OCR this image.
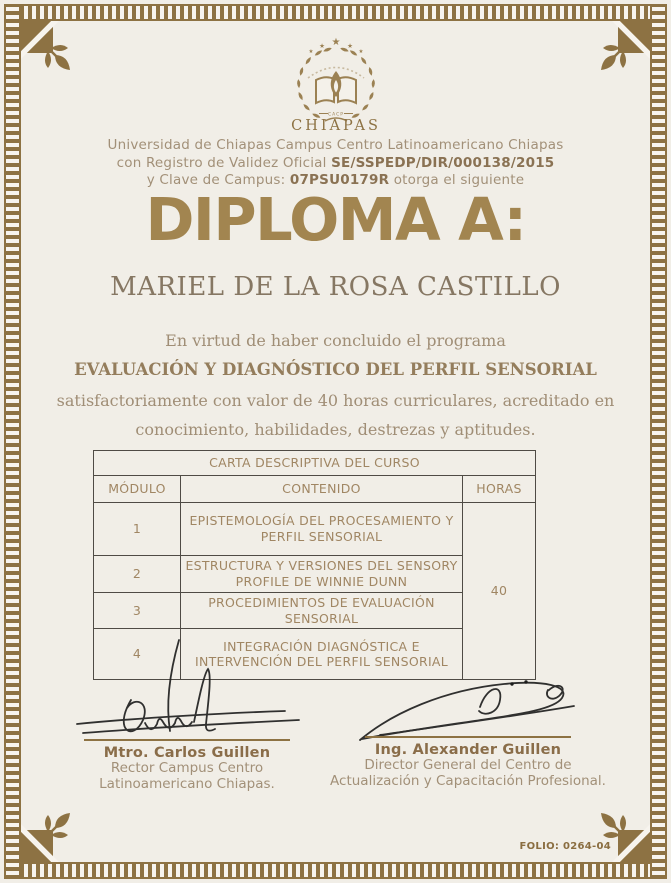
★
★	★
★	★
CACP
CHIAPAS
Universidad de Chiapas Campus Centro Latinoamericano Chiapas
con Registro de Validez Oficial SE/SSPEDP/DIR/000138/2015
y Clave de Campus: 07PSU0179R otorga el siguiente
DIPLOMA A:
MARIEL DE LA ROSA CASTILLO
En virtud de haber concluido el programa
EVALUACIÓN Y DIAGNÓSTICO DEL PERFIL SENSORIAL
satisfactoriamente con valor de 40 horas curriculares, acreditado en
conocimiento, habilidades, destrezas y aptitudes.
CARTA DESCRIPTIVA DEL CURSO		
MÓDULO	CONTENIDO	HORAS
1	EPISTEMOLOGÍA DEL PROCESAMIENTO Y PERFIL SENSORIAL	40
2	ESTRUCTURA Y VERSIONES DEL SENSORY PROFILE DE WINNIE DUNN	
3	PROCEDIMIENTOS DE EVALUACIÓN SENSORIAL	
4	INTEGRACIÓN DIAGNÓSTICA E INTERVENCIÓN DEL PERFIL SENSORIAL	
Mtro. Carlos Guillen
Rector Campus Centro
Latinoamericano Chiapas.
Ing. Alexander Guillen
Director General del Centro de
Actualización y Capacitación Profesional.
FOLIO: 0264-04
